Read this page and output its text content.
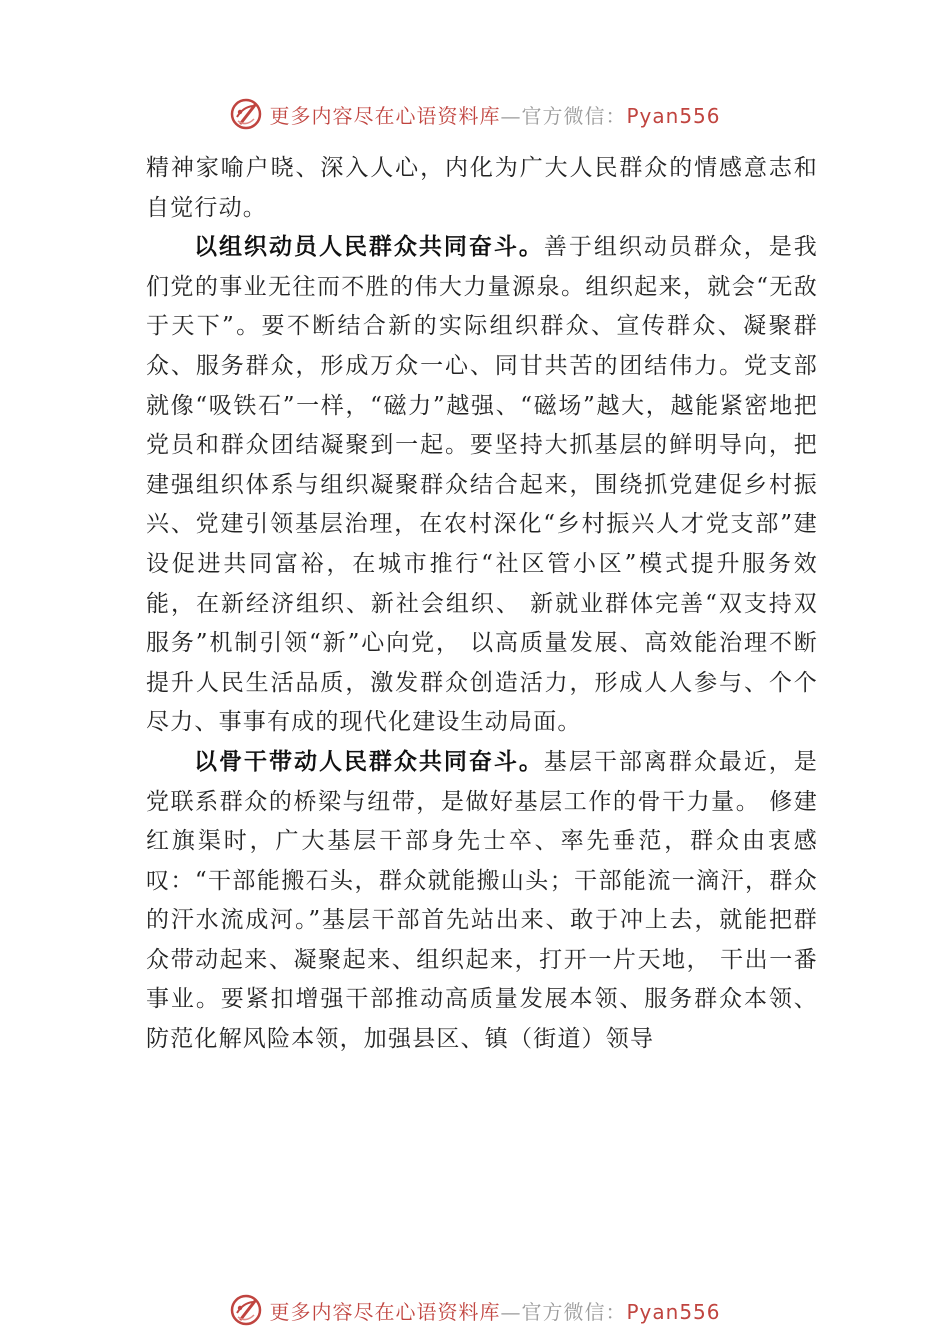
更多内容尽在心语资料库—官方微信：Pyan556

精神家喻户晓、深入人心，内化为广大人民群众的情感意志和自觉行动。

以组织动员人民群众共同奋斗。善于组织动员群众，是我们党的事业无往而不胜的伟大力量源泉。组织起来，就会“无敌于天下”。要不断结合新的实际组织群众、宣传群众、凝聚群众、服务群众，形成万众一心、同甘共苦的团结伟力。党支部就像“吸铁石”一样，“磁力”越强、“磁场”越大，越能紧密地把党员和群众团结凝聚到一起。要坚持大抓基层的鲜明导向，把建强组织体系与组织凝聚群众结合起来，围绕抓党建促乡村振兴、党建引领基层治理，在农村深化“乡村振兴人才党支部”建设促进共同富裕，在城市推行“社区管小区”模式提升服务效能，在新经济组织、新社会组织、 新就业群体完善“双支持双服务”机制引领“新”心向党， 以高质量发展、高效能治理不断提升人民生活品质，激发群众创造活力，形成人人参与、个个尽力、事事有成的现代化建设生动局面。

以骨干带动人民群众共同奋斗。基层干部离群众最近，是党联系群众的桥梁与纽带，是做好基层工作的骨干力量。 修建红旗渠时，广大基层干部身先士卒、率先垂范，群众由衷感叹：“干部能搬石头，群众就能搬山头；干部能流一滴汗，群众的汗水流成河。”基层干部首先站出来、敢于冲上去，就能把群众带动起来、凝聚起来、组织起来，打开一片天地， 干出一番事业。要紧扣增强干部推动高质量发展本领、服务群众本领、防范化解风险本领，加强县区、镇（街道）领导

更多内容尽在心语资料库—官方微信：Pyan556
